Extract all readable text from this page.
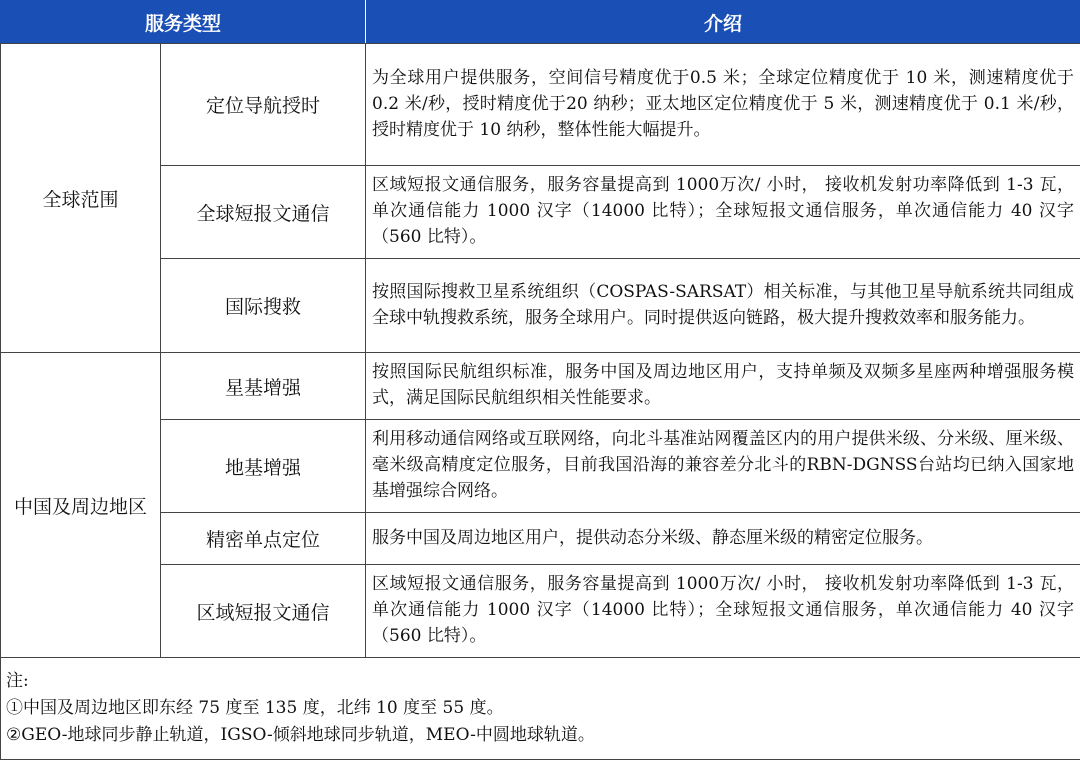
服务类型		介绍
全球范围	定位导航授时	为全球用户提供服务，空间信号精度优于0.5 米；全球定位精度优于 10 米，测速精度优于 0.2 米/秒，授时精度优于20 纳秒；亚太地区定位精度优于 5 米，测速精度优于 0.1 米/秒，授时精度优于 10 纳秒，整体性能大幅提升。
	全球短报文通信	区域短报文通信服务，服务容量提高到 1000万次/ 小时， 接收机发射功率降低到 1-3 瓦， 单次通信能力 1000 汉字（14000 比特）；全球短报文通信服务，单次通信能力 40 汉字（560 比特）。
	国际搜救	按照国际搜救卫星系统组织（COSPAS-SARSAT）相关标准，与其他卫星导航系统共同组成全球中轨搜救系统，服务全球用户。同时提供返向链路，极大提升搜救效率和服务能力。
中国及周边地区	星基增强	按照国际民航组织标准，服务中国及周边地区用户，支持单频及双频多星座两种增强服务模式，满足国际民航组织相关性能要求。
	地基增强	利用移动通信网络或互联网络，向北斗基准站网覆盖区内的用户提供米级、分米级、厘米级、毫米级高精度定位服务，目前我国沿海的兼容差分北斗的RBN-DGNSS台站均已纳入国家地基增强综合网络。
	精密单点定位	服务中国及周边地区用户，提供动态分米级、静态厘米级的精密定位服务。
	区域短报文通信	区域短报文通信服务，服务容量提高到 1000万次/ 小时， 接收机发射功率降低到 1-3 瓦， 单次通信能力 1000 汉字（14000 比特）；全球短报文通信服务，单次通信能力 40 汉字（560 比特）。

注:
①中国及周边地区即东经 75 度至 135 度，北纬 10 度至 55 度。
②GEO-地球同步静止轨道，IGSO-倾斜地球同步轨道，MEO-中圆地球轨道。		
